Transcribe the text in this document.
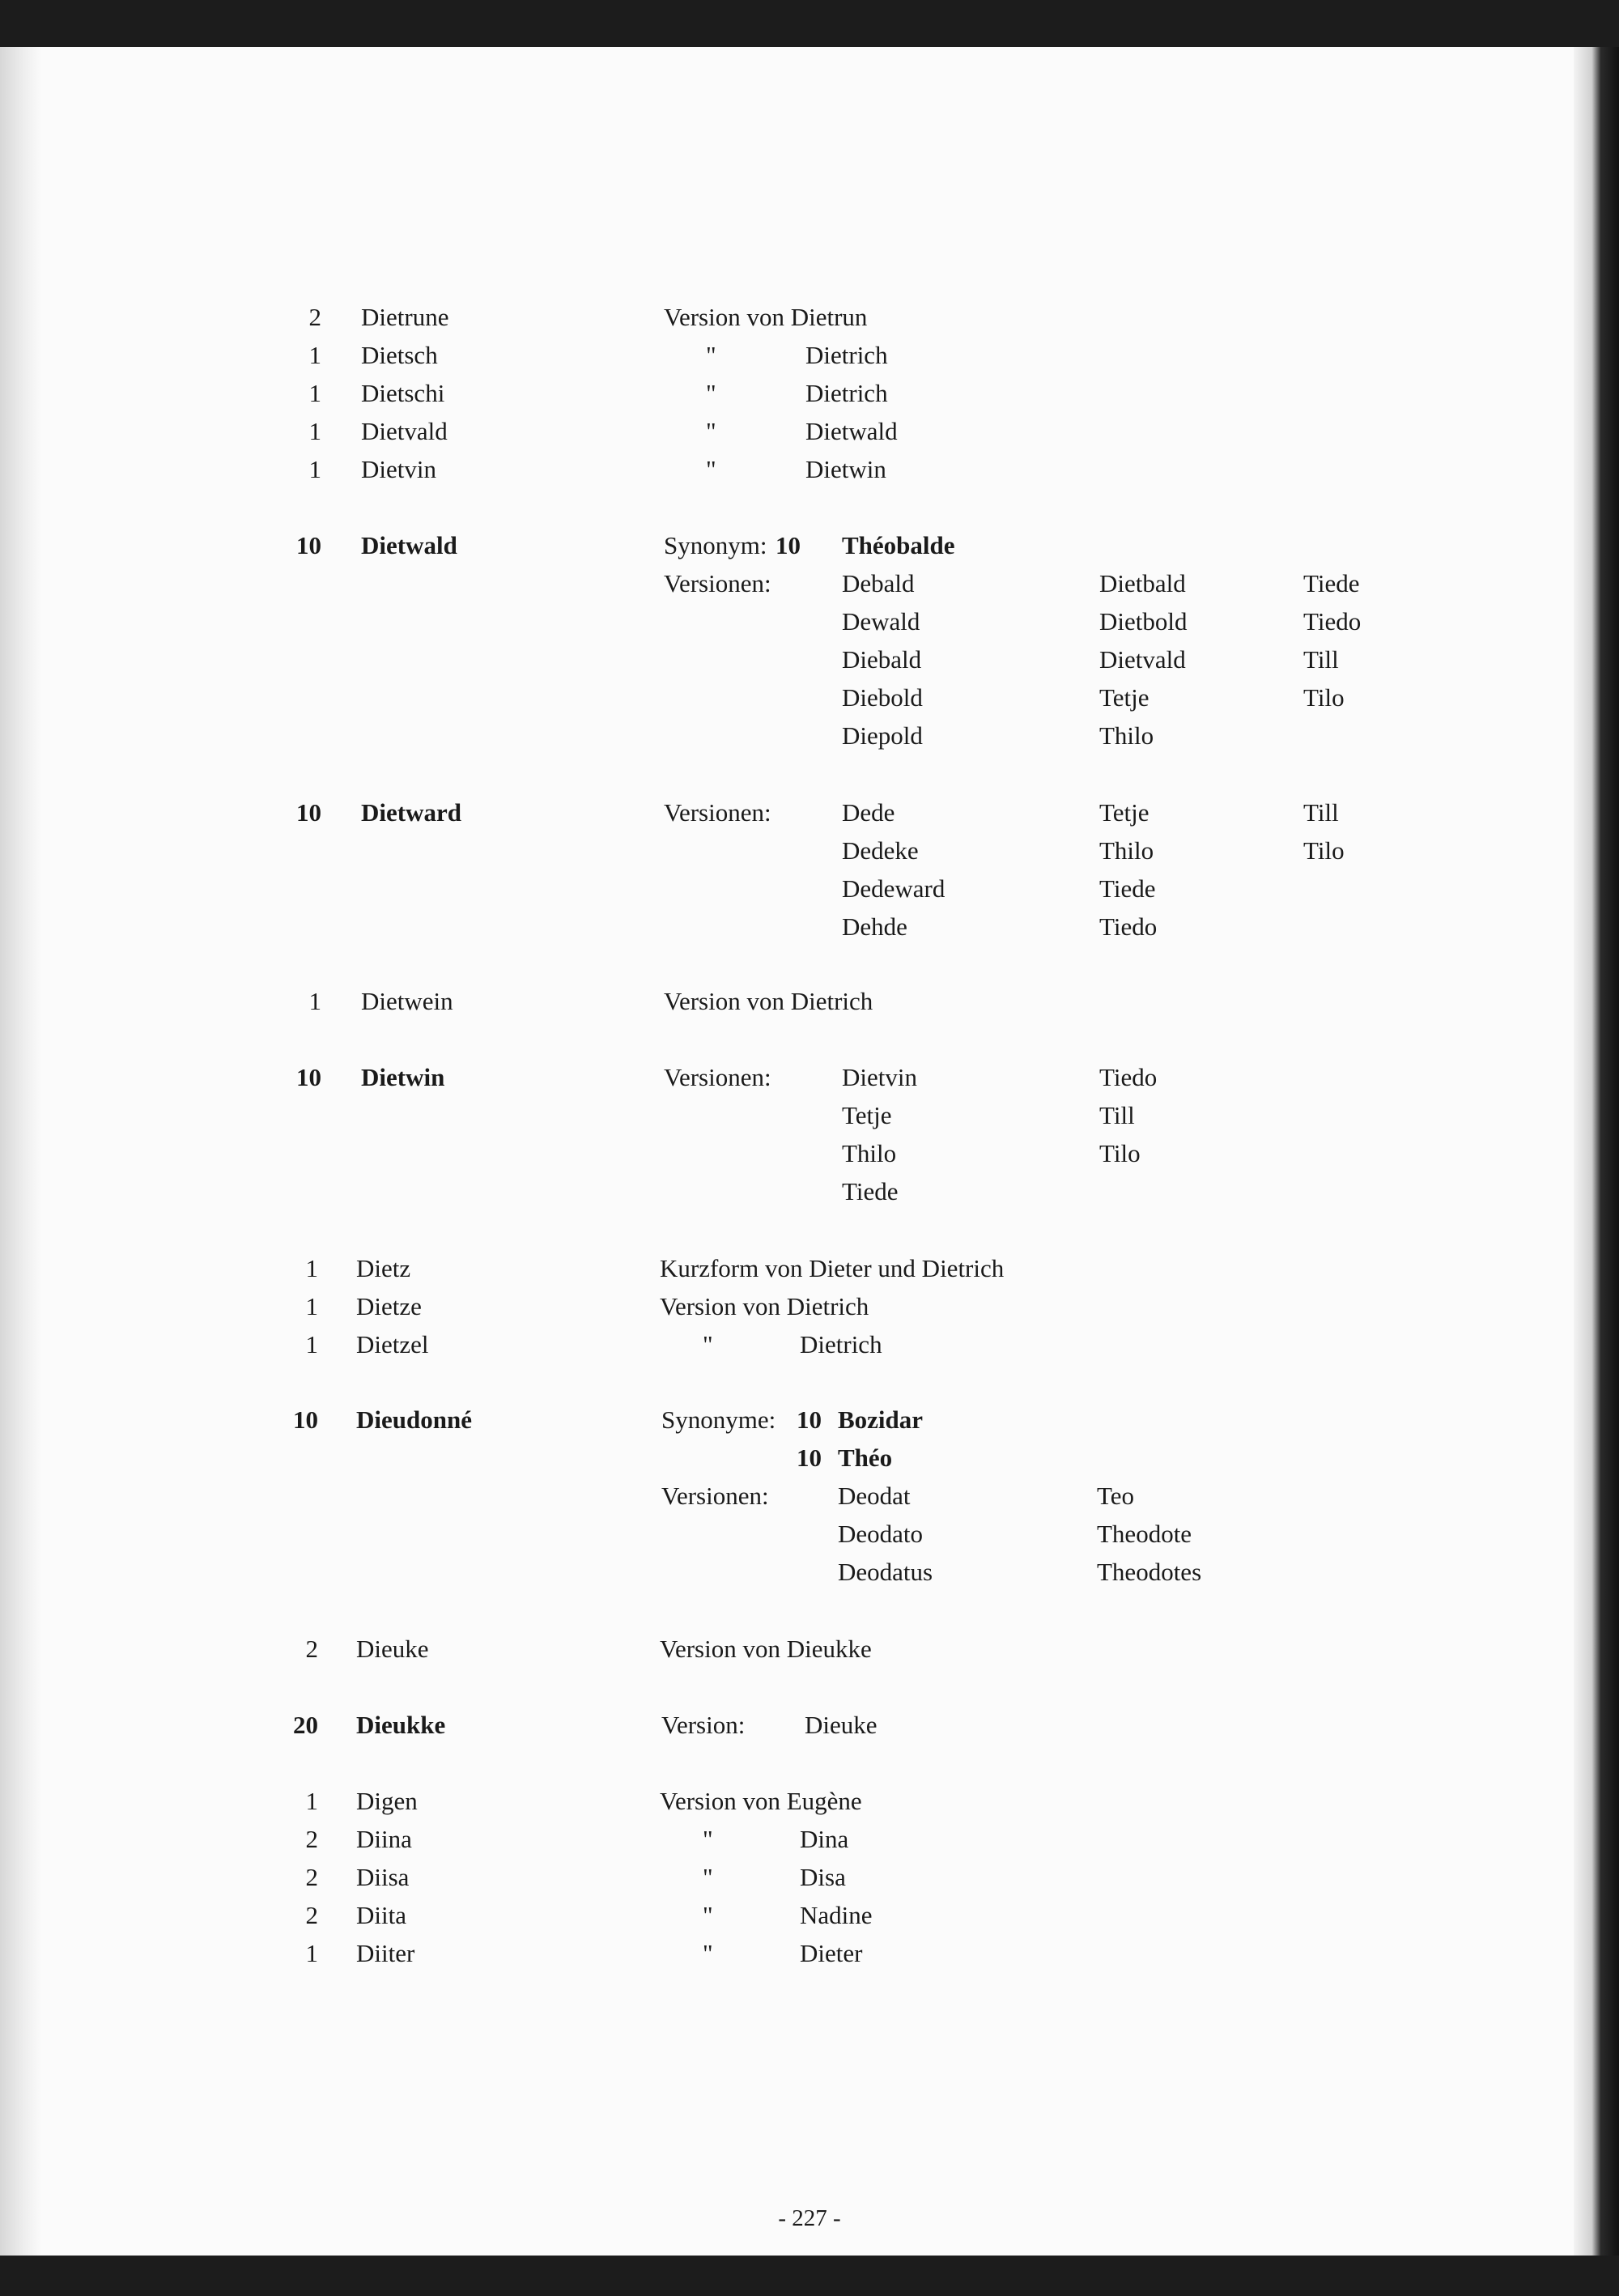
2 Dietrune	Version von Dietrun
1 Dietsch	"	Dietrich
1 Dietschi	"	Dietrich
1 Dietvald	"	Dietwald
1 Dietvin	"	Dietwin
10 Dietwald	Synonym: 10 Théobalde
Versionen:	Debald	Dietbald	Tiede
Dewald	Dietbold	Tiedo
Diebald	Dietvald	Till
Diebold	Tetje	Tilo
Diepold	Thilo
10 Dietward	Versionen:	Dede	Tetje	Till
Dedeke	Thilo	Tilo
Dedeward	Tiede
Dehde	Tiedo
1 Dietwein	Version von Dietrich
10 Dietwin	Versionen:	Dietvin	Tiedo
Tetje	Till
Thilo	Tilo
Tiede
1 Dietz	Kurzform von Dieter und Dietrich
1 Dietze	Version von Dietrich
1 Dietzel	"	Dietrich
10 Dieudonné	Synonyme: 10 Bozidar
10 Théo
Versionen:	Deodat	Teo
Deodato	Theodote
Deodatus	Theodotes
2 Dieuke	Version von Dieukke
20 Dieukke	Version: Dieuke
1 Digen	Version von Eugène
2 Diina	"	Dina
2 Diisa	"	Disa
2 Diita	"	Nadine
1 Diiter	"	Dieter
- 227 -
